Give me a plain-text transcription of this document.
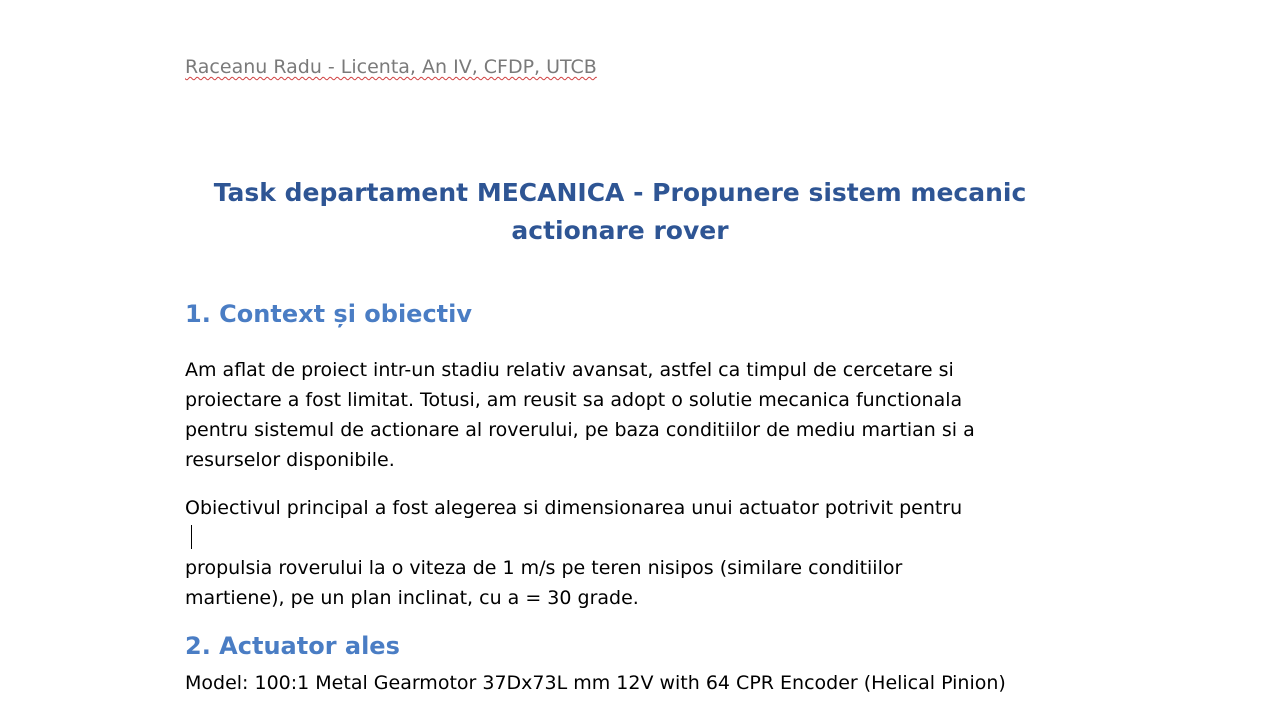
Raceanu Radu - Licenta, An IV, CFDP, UTCB
Task departament MECANICA - Propunere sistem mecanic
actionare rover
1. Context și obiectiv
Am aflat de proiect intr-un stadiu relativ avansat, astfel ca timpul de cercetare si
proiectare a fost limitat. Totusi, am reusit sa adopt o solutie mecanica functionala
pentru sistemul de actionare al roverului, pe baza conditiilor de mediu martian si a
resurselor disponibile.
Obiectivul principal a fost alegerea si dimensionarea unui actuator potrivit pentru
propulsia roverului la o viteza de 1 m/s pe teren nisipos (similare conditiilor
martiene), pe un plan inclinat, cu a = 30 grade.
2. Actuator ales
Model: 100:1 Metal Gearmotor 37Dx73L mm 12V with 64 CPR Encoder (Helical Pinion)
